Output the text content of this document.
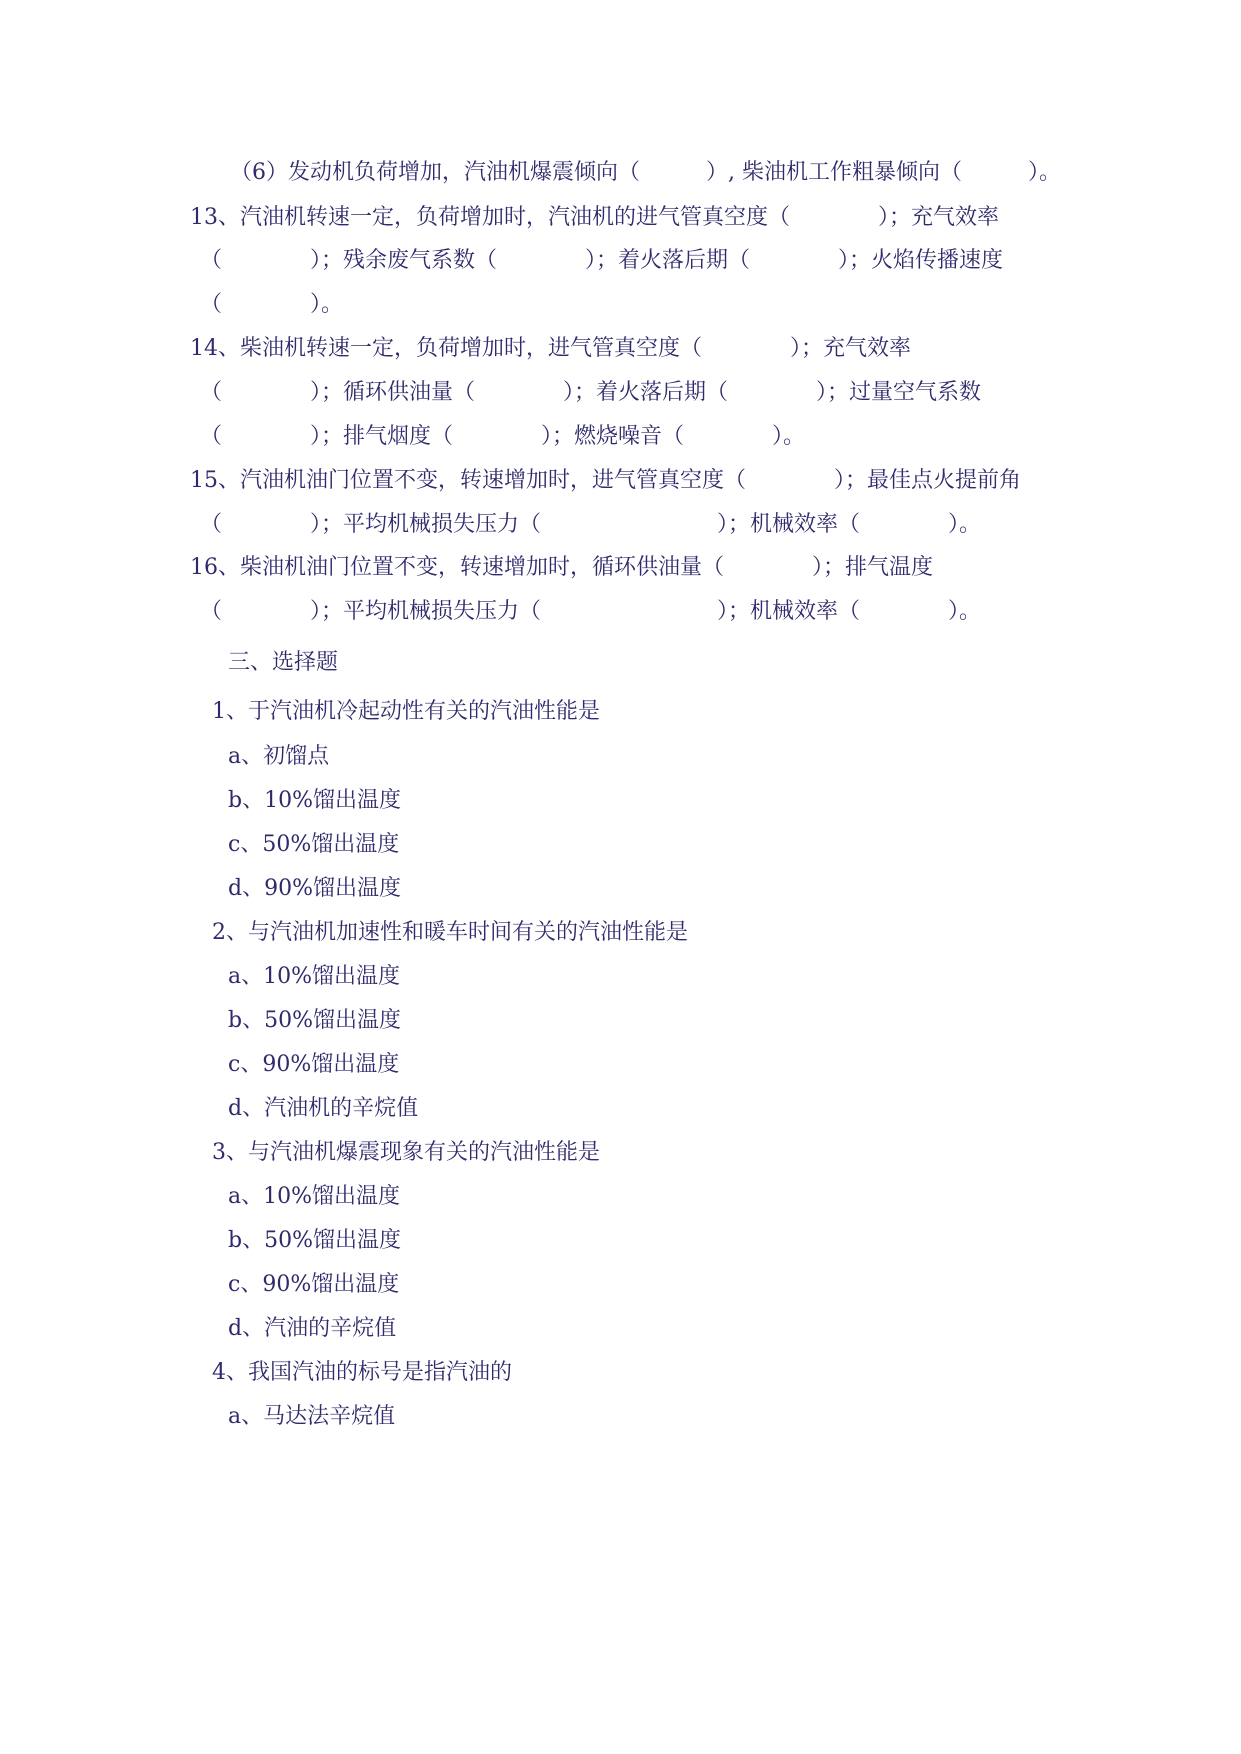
（6）发动机负荷增加，汽油机爆震倾向（　　　）, 柴油机工作粗暴倾向（　　　）。
13、汽油机转速一定，负荷增加时，汽油机的进气管真空度（　　　　）；充气效率
（　　　　）；残余废气系数（　　　　）；着火落后期（　　　　）；火焰传播速度
（　　　　）。
14、柴油机转速一定，负荷增加时，进气管真空度（　　　　）；充气效率
（　　　　）；循环供油量（　　　　）；着火落后期（　　　　）；过量空气系数
（　　　　）；排气烟度（　　　　）；燃烧噪音（　　　　）。
15、汽油机油门位置不变，转速增加时，进气管真空度（　　　　）；最佳点火提前角
（　　　　）；平均机械损失压力（　　　　　　　　）；机械效率（　　　　）。
16、柴油机油门位置不变，转速增加时，循环供油量（　　　　）；排气温度
（　　　　）；平均机械损失压力（　　　　　　　　）；机械效率（　　　　）。
三、选择题
1、于汽油机冷起动性有关的汽油性能是
a、初馏点
b、10%馏出温度
c、50%馏出温度
d、90%馏出温度
2、与汽油机加速性和暖车时间有关的汽油性能是
a、10%馏出温度
b、50%馏出温度
c、90%馏出温度
d、汽油机的辛烷值
3、与汽油机爆震现象有关的汽油性能是
a、10%馏出温度
b、50%馏出温度
c、90%馏出温度
d、汽油的辛烷值
4、我国汽油的标号是指汽油的
a、马达法辛烷值
